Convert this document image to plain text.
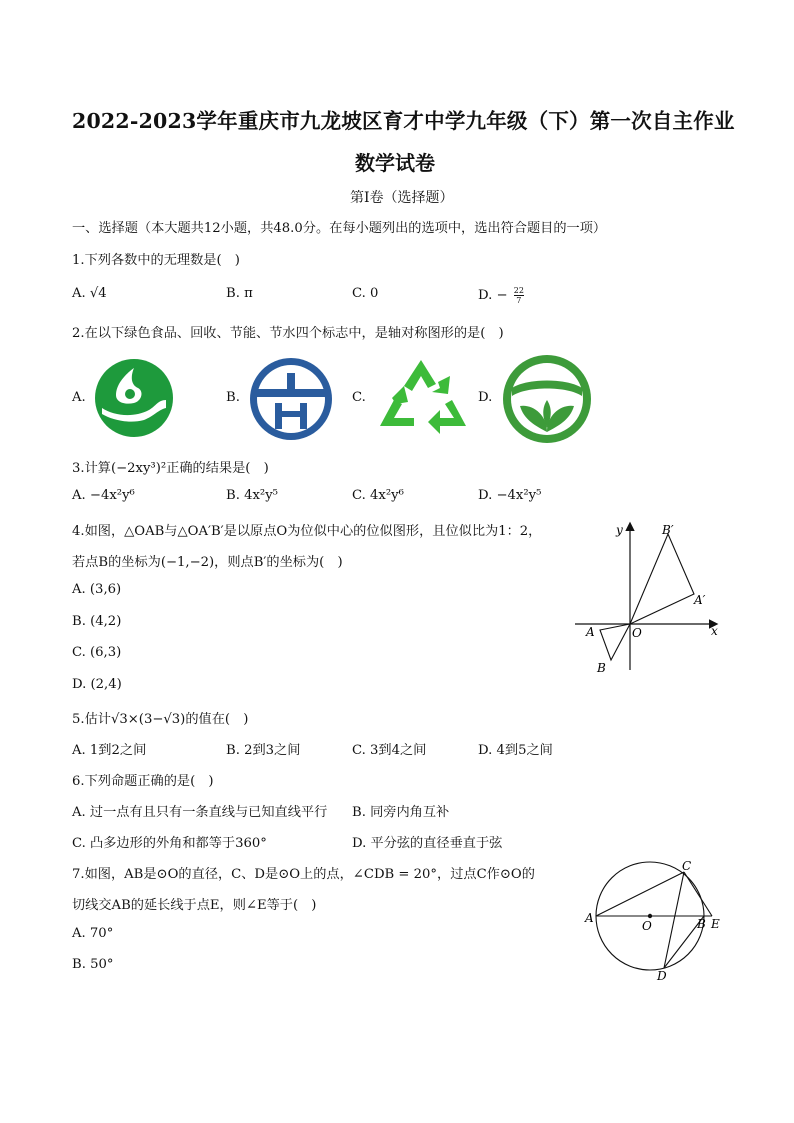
2022-2023学年重庆市九龙坡区育才中学九年级（下）第一次自主作业
数学试卷
第I卷（选择题）
一、选择题（本大题共12小题，共48.0分。在每小题列出的选项中，选出符合题目的一项）
1.下列各数中的无理数是(　)
A. √4	B. π	C. 0	D. − $\frac{22}{7}$
2.在以下绿色食品、回收、节能、节水四个标志中，是轴对称图形的是(　)
A.	B.	C.	D.
3.计算(−2xy³)²正确的结果是(　)
A. −4x²y⁶	B. 4x²y⁵	C. 4x²y⁶	D. −4x²y⁵
4.如图，△OAB与△OA′B′是以原点O为位似中心的位似图形，且位似比为1：2，
若点B的坐标为(−1,−2)，则点B′的坐标为(　)
A. (3,6)
B. (4,2)
C. (6,3)
D. (2,4)
y
x
O
A
B
A′
B′
5.估计√3×(3−√3)的值在(　)
A. 1到2之间	B. 2到3之间	C. 3到4之间	D. 4到5之间
6.下列命题正确的是(　)
A. 过一点有且只有一条直线与已知直线平行 B. 同旁内角互补
C. 凸多边形的外角和都等于360°	D. 平分弦的直径垂直于弦
7.如图，AB是⊙O的直径，C、D是⊙O上的点，∠CDB = 20°，过点C作⊙O的
切线交AB的延长线于点E，则∠E等于(　)
A. 70°
B. 50°
A
O	B E
C
D
